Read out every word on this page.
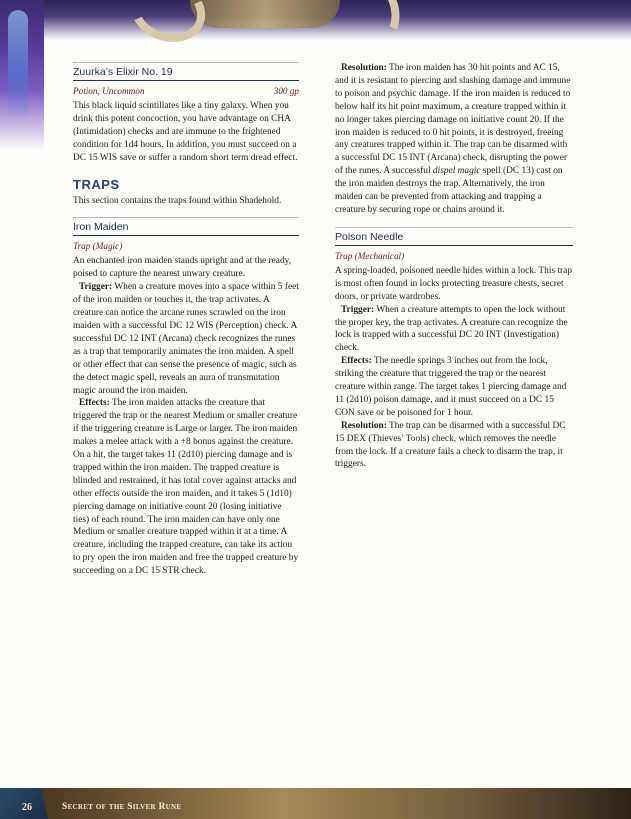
Zuurka’s Elixir No. 19
Potion, Uncommon	300 gp

This black liquid scintillates like a tiny galaxy. When you drink this potent concoction, you have advantage on CHA (Intimidation) checks and are immune to the frightened condition for 1d4 hours. In addition, you must succeed on a DC 15 WIS save or suffer a random short term dread effect.

TRAPS

This section contains the traps found within Shadehold.

Iron Maiden
Trap (Magic)

An enchanted iron maiden stands upright and at the ready, poised to capture the nearest unwary creature.

Trigger: When a creature moves into a space within 5 feet of the iron maiden or touches it, the trap activates. A creature can notice the arcane runes scrawled on the iron maiden with a successful DC 12 WIS (Perception) check. A successful DC 12 INT (Arcana) check recognizes the runes as a trap that temporarily animates the iron maiden. A spell or other effect that can sense the presence of magic, such as the detect magic spell, reveals an aura of transmutation magic around the iron maiden.

Effects: The iron maiden attacks the creature that triggered the trap or the nearest Medium or smaller creature if the triggering creature is Large or larger. The iron maiden makes a melee attack with a +8 bonus against the creature. On a hit, the target takes 11 (2d10) piercing damage and is trapped within the iron maiden. The trapped creature is blinded and restrained, it has total cover against attacks and other effects outside the iron maiden, and it takes 5 (1d10) piercing damage on initiative count 20 (losing initiative ties) of each round. The iron maiden can have only one Medium or smaller creature trapped within it at a time. A creature, including the trapped creature, can take its action to pry open the iron maiden and free the trapped creature by succeeding on a DC 15 STR check.

Resolution: The iron maiden has 30 hit points and AC 15, and it is resistant to piercing and slashing damage and immune to poison and psychic damage. If the iron maiden is reduced to below half its hit point maximum, a creature trapped within it no longer takes piercing damage on initiative count 20. If the iron maiden is reduced to 0 hit points, it is destroyed, freeing any creatures trapped within it. The trap can be disarmed with a successful DC 15 INT (Arcana) check, disrupting the power of the runes. A successful dispel magic spell (DC 13) cast on the iron maiden destroys the trap. Alternatively, the iron maiden can be prevented from attacking and trapping a creature by securing rope or chains around it.

Poison Needle
Trap (Mechanical)

A spring-loaded, poisoned needle hides within a lock. This trap is most often found in locks protecting treasure chests, secret doors, or private wardrobes.

Trigger: When a creature attempts to open the lock without the proper key, the trap activates. A creature can recognize the lock is trapped with a successful DC 20 INT (Investigation) check.

Effects: The needle springs 3 inches out from the lock, striking the creature that triggered the trap or the nearest creature within range. The target takes 1 piercing damage and 11 (2d10) poison damage, and it must succeed on a DC 15 CON save or be poisoned for 1 hour.

Resolution: The trap can be disarmed with a successful DC 15 DEX (Thieves’ Tools) check, which removes the needle from the lock. If a creature fails a check to disarm the trap, it triggers.

26	Secret of the Silver Rune
